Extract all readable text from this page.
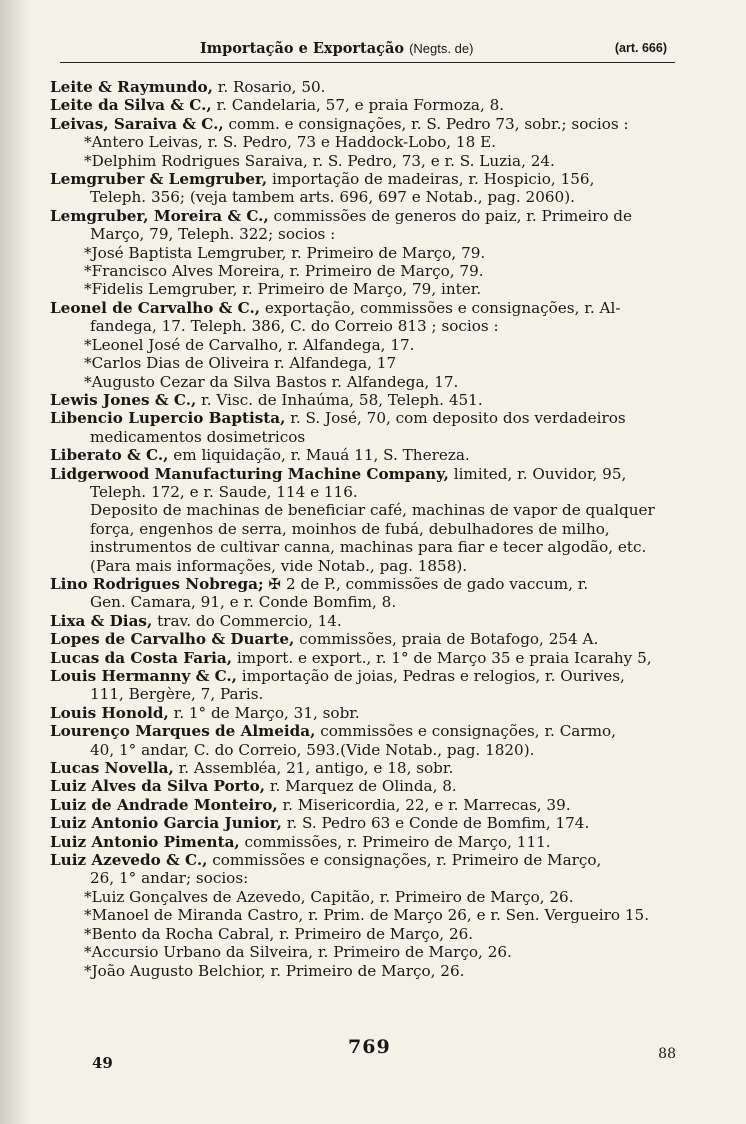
Importação e Exportação (Negts. de)	(art. 666)
Leite & Raymundo, r. Rosario, 50.
Leite da Silva & C., r. Candelaria, 57, e praia Formoza, 8.
Leivas, Saraiva & C., comm. e consignações, r. S. Pedro 73, sobr.; socios :
*Antero Leivas, r. S. Pedro, 73 e Haddock-Lobo, 18 E.
*Delphim Rodrigues Saraiva, r. S. Pedro, 73, e r. S. Luzia, 24.
Lemgruber & Lemgruber, importação de madeiras, r. Hospicio, 156,
Teleph. 356; (veja tambem arts. 696, 697 e Notab., pag. 2060).
Lemgruber, Moreira & C., commissões de generos do paiz, r. Primeiro de
Março, 79, Teleph. 322; socios :
*José Baptista Lemgruber, r. Primeiro de Março, 79.
*Francisco Alves Moreira, r. Primeiro de Março, 79.
*Fidelis Lemgruber, r. Primeiro de Março, 79, inter.
Leonel de Carvalho & C., exportação, commissões e consignações, r. Al-
fandega, 17. Teleph. 386, C. do Correio 813 ; socios :
*Leonel José de Carvalho, r. Alfandega, 17.
*Carlos Dias de Oliveira r. Alfandega, 17
*Augusto Cezar da Silva Bastos r. Alfandega, 17.
Lewis Jones & C., r. Visc. de Inhaúma, 58, Teleph. 451.
Libencio Lupercio Baptista, r. S. José, 70, com deposito dos verdadeiros
medicamentos dosimetricos
Liberato & C., em liquidação, r. Mauá 11, S. Thereza.
Lidgerwood Manufacturing Machine Company, limited, r. Ouvidor, 95,
Teleph. 172, e r. Saude, 114 e 116.
Deposito de machinas de beneficiar café, machinas de vapor de qualquer
força, engenhos de serra, moinhos de fubá, debulhadores de milho,
instrumentos de cultivar canna, machinas para fiar e tecer algodão, etc.
(Para mais informações, vide Notab., pag. 1858).
Lino Rodrigues Nobrega; ✠ 2 de P., commissões de gado vaccum, r.
Gen. Camara, 91, e r. Conde Bomfim, 8.
Lixa & Dias, trav. do Commercio, 14.
Lopes de Carvalho & Duarte, commissões, praia de Botafogo, 254 A.
Lucas da Costa Faria, import. e export., r. 1° de Março 35 e praia Icarahy 5,
Louis Hermanny & C., importação de joias, Pedras e relogios, r. Ourives,
111, Bergère, 7, Paris.
Louis Honold, r. 1° de Março, 31, sobr.
Lourenço Marques de Almeida, commissões e consignações, r. Carmo,
40, 1° andar, C. do Correio, 593.(Vide Notab., pag. 1820).
Lucas Novella, r. Assembléa, 21, antigo, e 18, sobr.
Luiz Alves da Silva Porto, r. Marquez de Olinda, 8.
Luiz de Andrade Monteiro, r. Misericordia, 22, e r. Marrecas, 39.
Luiz Antonio Garcia Junior, r. S. Pedro 63 e Conde de Bomfim, 174.
Luiz Antonio Pimenta, commissões, r. Primeiro de Março, 111.
Luiz Azevedo & C., commissões e consignações, r. Primeiro de Março,
26, 1° andar; socios:
*Luiz Gonçalves de Azevedo, Capitão, r. Primeiro de Março, 26.
*Manoel de Miranda Castro, r. Prim. de Março 26, e r. Sen. Vergueiro 15.
*Bento da Rocha Cabral, r. Primeiro de Março, 26.
*Accursio Urbano da Silveira, r. Primeiro de Março, 26.
*João Augusto Belchior, r. Primeiro de Março, 26.
49
769	88
